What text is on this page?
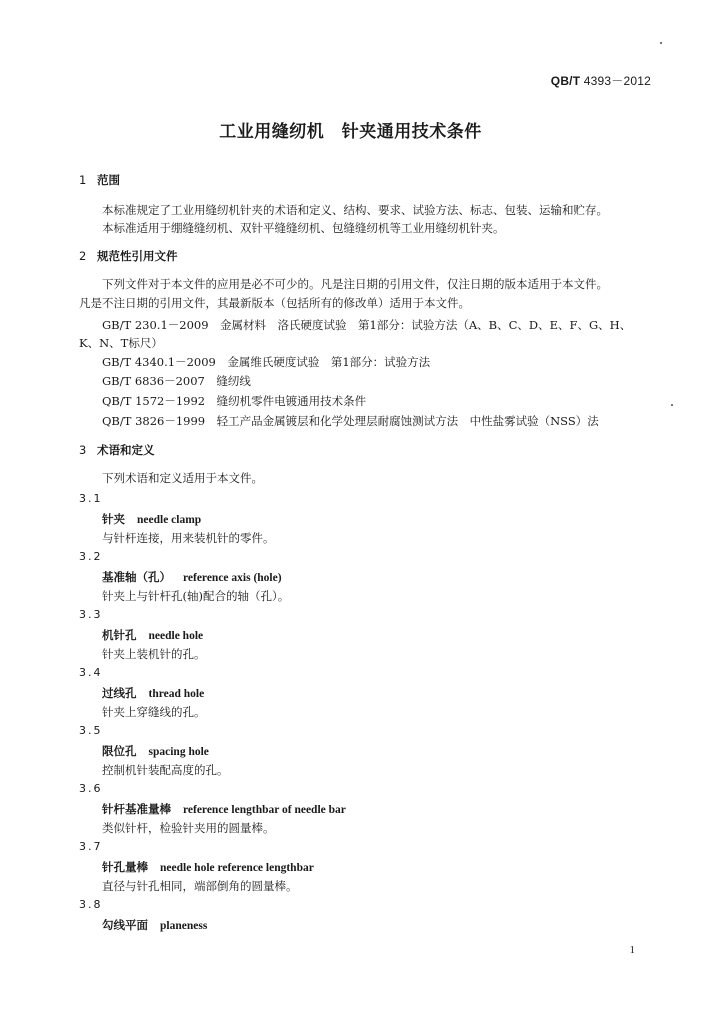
QB/T 4393－2012
工业用缝纫机　针夹通用技术条件
1 范围
本标准规定了工业用缝纫机针夹的术语和定义、结构、要求、试验方法、标志、包装、运输和贮存。
本标准适用于绷缝缝纫机、双针平缝缝纫机、包缝缝纫机等工业用缝纫机针夹。
2 规范性引用文件
下列文件对于本文件的应用是必不可少的。凡是注日期的引用文件，仅注日期的版本适用于本文件。
凡是不注日期的引用文件，其最新版本（包括所有的修改单）适用于本文件。
GB/T 230.1－2009　金属材料　洛氏硬度试验　第1部分：试验方法（A、B、C、D、E、F、G、H、
K、N、T标尺）
GB/T 4340.1－2009　金属维氏硬度试验　第1部分：试验方法
GB/T 6836－2007　缝纫线
QB/T 1572－1992　缝纫机零件电镀通用技术条件
QB/T 3826－1999　轻工产品金属镀层和化学处理层耐腐蚀测试方法　中性盐雾试验（NSS）法
3 术语和定义
下列术语和定义适用于本文件。
3.1
针夹 needle clamp
与针杆连接，用来装机针的零件。
3.2
基准轴（孔） reference axis (hole)
针夹上与针杆孔(轴)配合的轴（孔）。
3.3
机针孔 needle hole
针夹上装机针的孔。
3.4
过线孔 thread hole
针夹上穿缝线的孔。
3.5
限位孔 spacing hole
控制机针装配高度的孔。
3.6
针杆基准量棒 reference lengthbar of needle bar
类似针杆，检验针夹用的圆量棒。
3.7
针孔量棒 needle hole reference lengthbar
直径与针孔相同，端部倒角的圆量棒。
3.8
勾线平面 planeness
1
